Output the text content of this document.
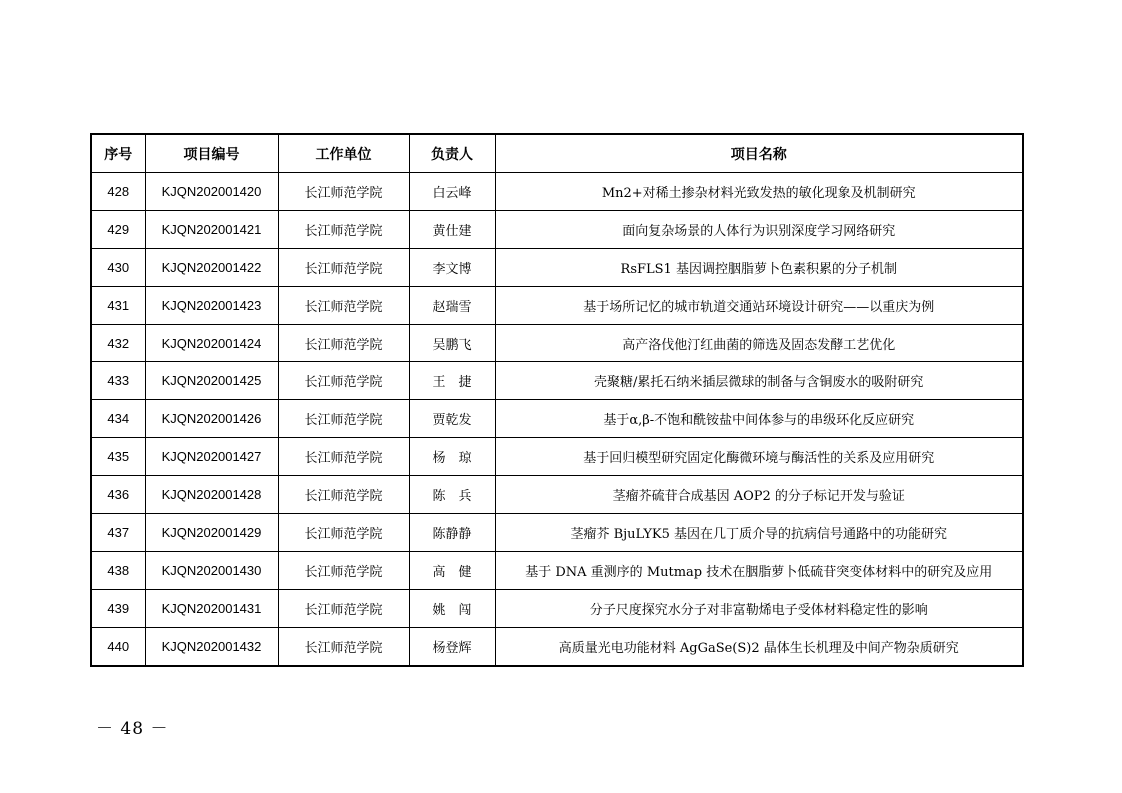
序号	项目编号	工作单位	负责人	项目名称
428	KJQN202001420	长江师范学院	白云峰	Mn2+对稀土掺杂材料光致发热的敏化现象及机制研究
429	KJQN202001421	长江师范学院	黄仕建	面向复杂场景的人体行为识别深度学习网络研究
430	KJQN202001422	长江师范学院	李文博	RsFLS1 基因调控胭脂萝卜色素积累的分子机制
431	KJQN202001423	长江师范学院	赵瑞雪	基于场所记忆的城市轨道交通站环境设计研究——以重庆为例
432	KJQN202001424	长江师范学院	吴鹏飞	高产洛伐他汀红曲菌的筛选及固态发酵工艺优化
433	KJQN202001425	长江师范学院	王　捷	壳聚糖/累托石纳米插层微球的制备与含铜废水的吸附研究
434	KJQN202001426	长江师范学院	贾乾发	基于α,β-不饱和酰铵盐中间体参与的串级环化反应研究
435	KJQN202001427	长江师范学院	杨　琼	基于回归模型研究固定化酶微环境与酶活性的关系及应用研究
436	KJQN202001428	长江师范学院	陈　兵	茎瘤芥硫苷合成基因 AOP2 的分子标记开发与验证
437	KJQN202001429	长江师范学院	陈静静	茎瘤芥 BjuLYK5 基因在几丁质介导的抗病信号通路中的功能研究
438	KJQN202001430	长江师范学院	高　健	基于 DNA 重测序的 Mutmap 技术在胭脂萝卜低硫苷突变体材料中的研究及应用
439	KJQN202001431	长江师范学院	姚　闯	分子尺度探究水分子对非富勒烯电子受体材料稳定性的影响
440	KJQN202001432	长江师范学院	杨登辉	高质量光电功能材料 AgGaSe(S)2 晶体生长机理及中间产物杂质研究
－ 48 －
